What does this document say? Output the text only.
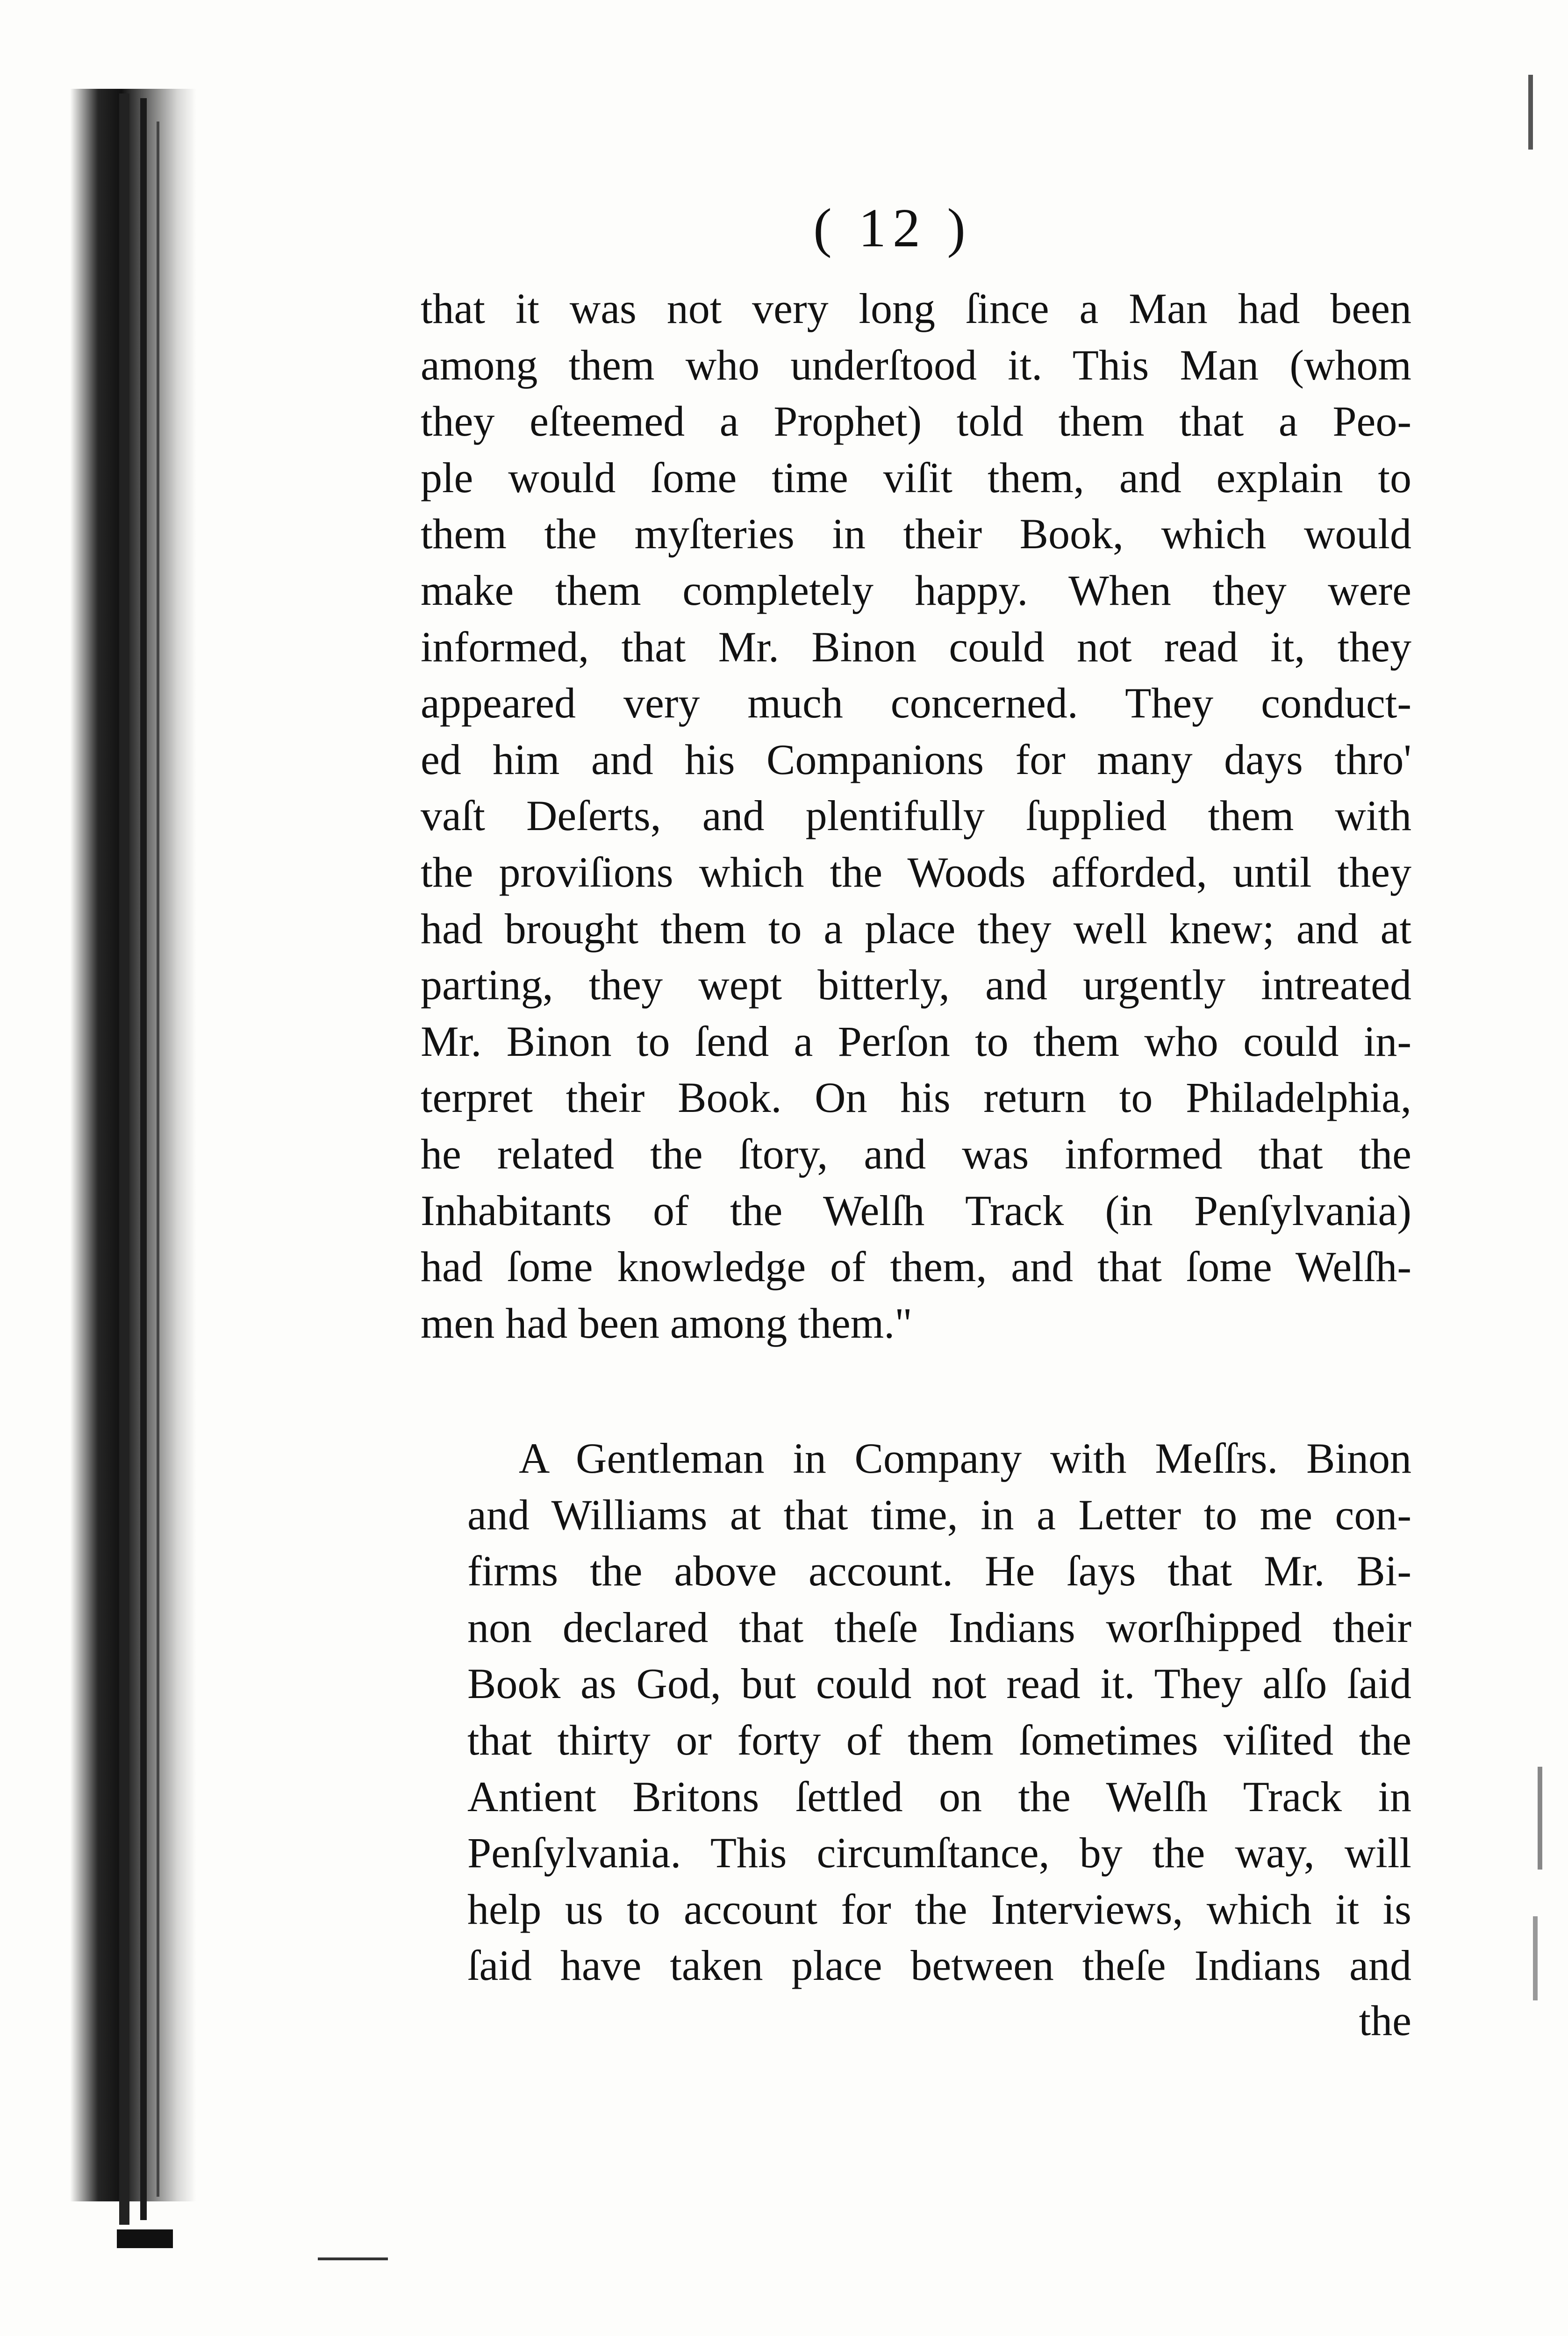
( 12 )
that it was not very long ſince a Man had been
among them who underſtood it. This Man (whom
they eſteemed a Prophet) told them that a Peo-
ple would ſome time viſit them, and explain to
them the myſteries in their Book, which would
make them completely happy. When they were
informed, that Mr. Binon could not read it, they
appeared very much concerned. They conduct-
ed him and his Companions for many days thro'
vaſt Deſerts, and plentifully ſupplied them with
the proviſions which the Woods afforded, until they
had brought them to a place they well knew; and at
parting, they wept bitterly, and urgently intreated
Mr. Binon to ſend a Perſon to them who could in-
terpret their Book. On his return to Philadelphia,
he related the ſtory, and was informed that the
Inhabitants of the Welſh Track (in Penſylvania)
had ſome knowledge of them, and that ſome Welſh-
men had been among them."
A Gentleman in Company with Meſſrs. Binon
and Williams at that time, in a Letter to me con-
firms the above account. He ſays that Mr. Bi-
non declared that theſe Indians worſhipped their
Book as God, but could not read it. They alſo ſaid
that thirty or forty of them ſometimes viſited the
Antient Britons ſettled on the Welſh Track in
Penſylvania. This circumſtance, by the way, will
help us to account for the Interviews, which it is
ſaid have taken place between theſe Indians and
the
